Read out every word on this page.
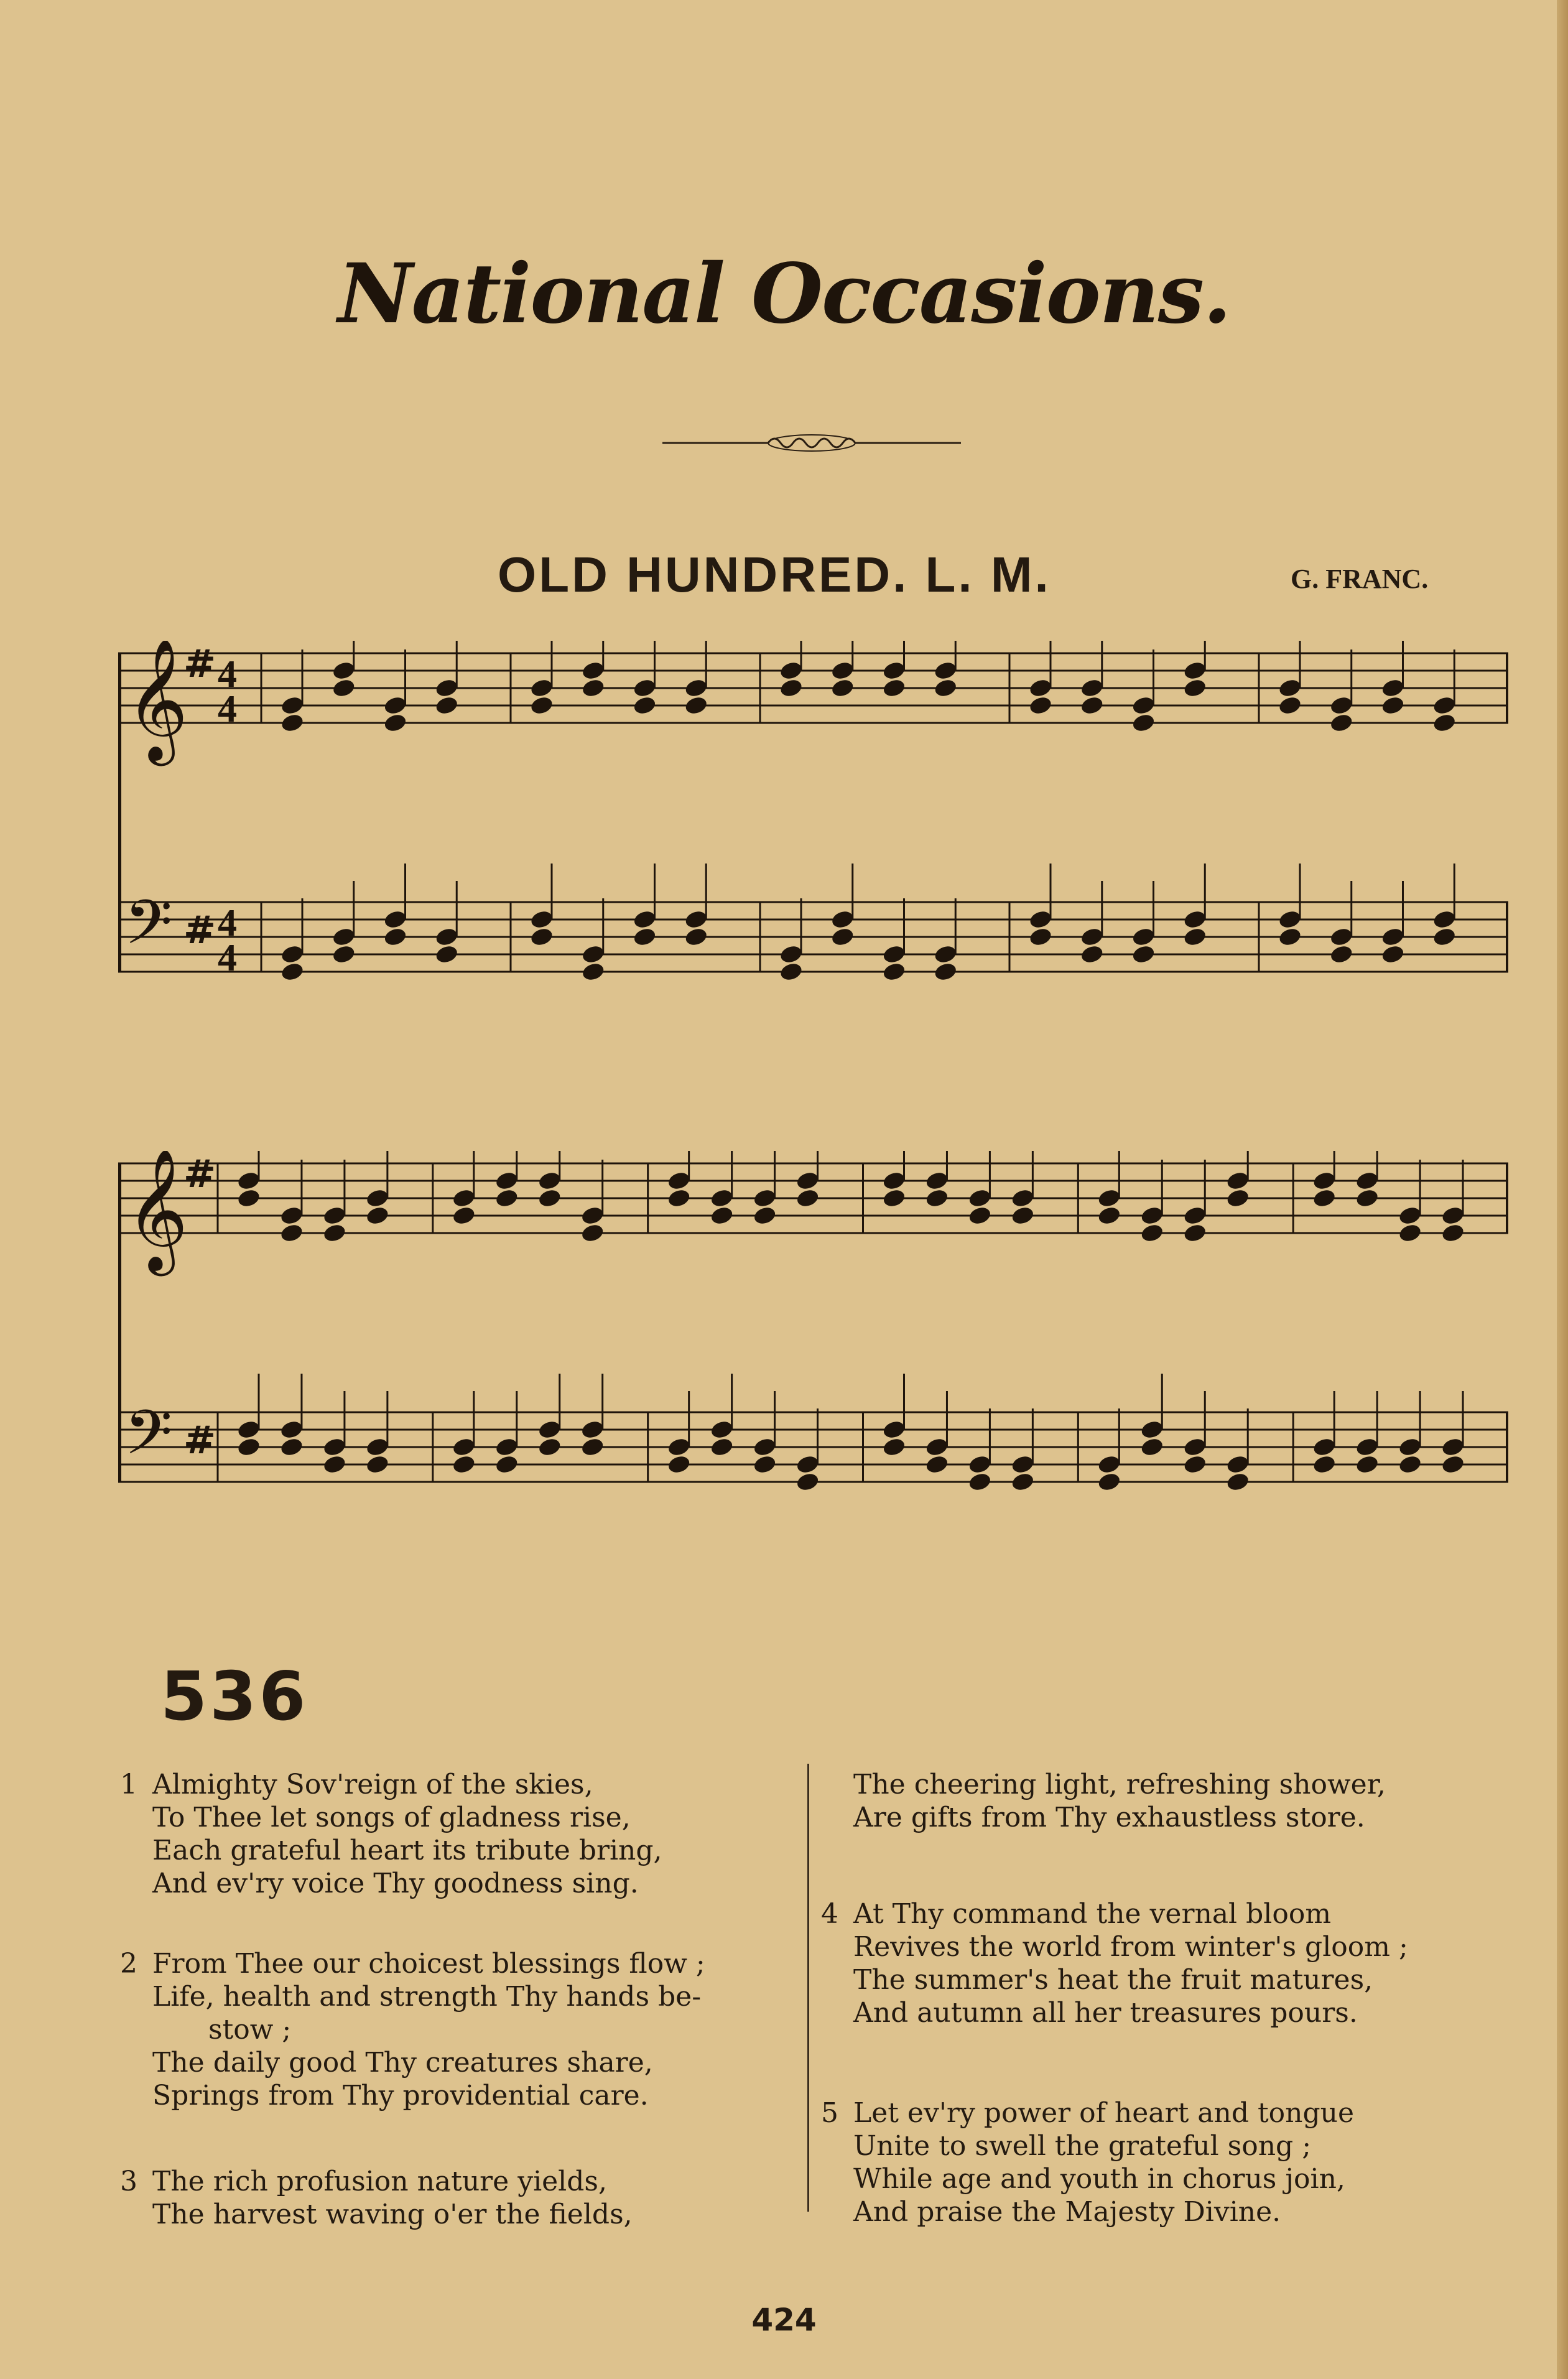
National Occasions.
OLD HUNDRED. L. M.	G. FRANC.
𝄞
𝄢
#
#
4
4
4
4
𝄞
𝄢
#
#
536
1 Almighty Sov'reign of the skies,
To Thee let songs of gladness rise,
Each grateful heart its tribute bring,
And ev'ry voice Thy goodness sing.
2 From Thee our choicest blessings flow ;
Life, health and strength Thy hands be-
stow ;
The daily good Thy creatures share,
Springs from Thy providential care.
3 The rich profusion nature yields,
The harvest waving o'er the fields,
The cheering light, refreshing shower,
Are gifts from Thy exhaustless store.
4 At Thy command the vernal bloom
Revives the world from winter's gloom ;
The summer's heat the fruit matures,
And autumn all her treasures pours.
5 Let ev'ry power of heart and tongue
Unite to swell the grateful song ;
While age and youth in chorus join,
And praise the Majesty Divine.
424
